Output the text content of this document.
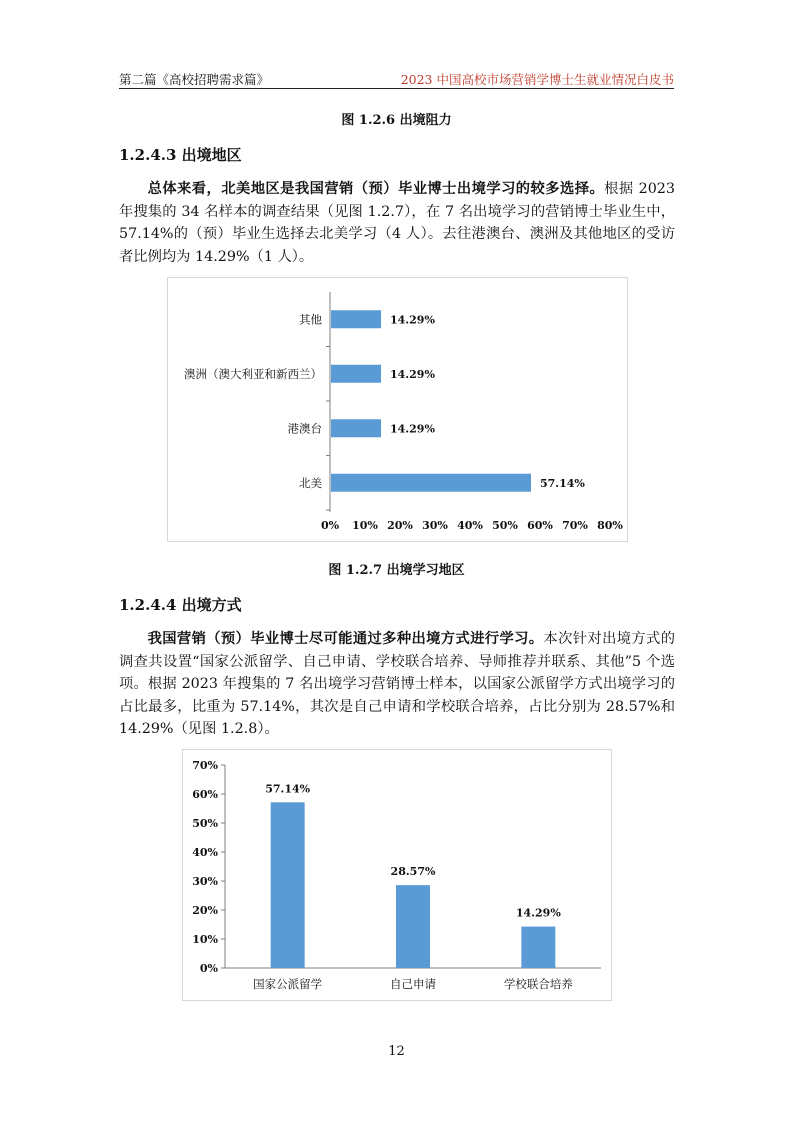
第二篇《高校招聘需求篇》	2023 中国高校市场营销学博士生就业情况白皮书
图 1.2.6 出境阻力
1.2.4.3 出境地区
总体来看，北美地区是我国营销（预）毕业博士出境学习的较多选择。根据 2023 年搜集的 34 名样本的调查结果（见图 1.2.7），在 7 名出境学习的营销博士毕业生中，57.14%的（预）毕业生选择去北美学习（4 人）。去往港澳台、澳洲及其他地区的受访者比例均为 14.29%（1 人）。
其他	14.29%
澳洲（澳大利亚和新西兰）	14.29%
港澳台	14.29%
北美	57.14%
0% 10% 20% 30% 40% 50% 60% 70% 80%
图 1.2.7 出境学习地区
1.2.4.4 出境方式
我国营销（预）毕业博士尽可能通过多种出境方式进行学习。本次针对出境方式的调查共设置“国家公派留学、自己申请、学校联合培养、导师推荐并联系、其他”5 个选项。根据 2023 年搜集的 7 名出境学习营销博士样本，以国家公派留学方式出境学习的占比最多，比重为 57.14%，其次是自己申请和学校联合培养，占比分别为 28.57%和 14.29%（见图 1.2.8）。
0%
10%
20%
30%
40%
50%
60%
70%
57.14%
国家公派留学
28.57%
自己申请
14.29%
学校联合培养
12
